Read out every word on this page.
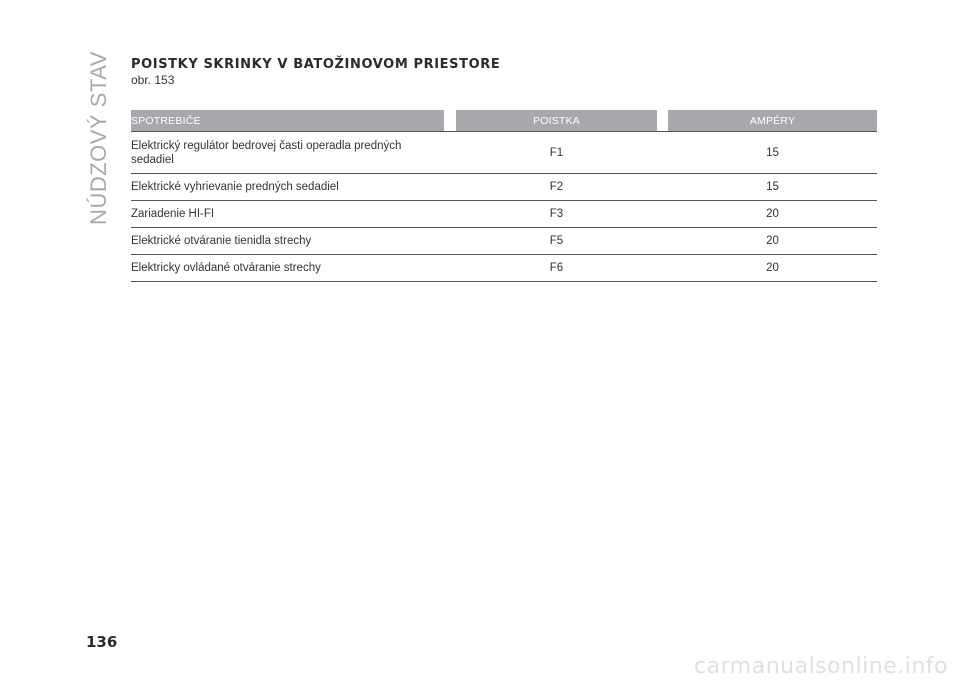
NÚDZOVÝ STAV POISTKY SKRINKY V BATOŽINOVOM PRIESTORE
obr. 153
SPOTREBIČE		POISTKA		AMPÉRY

Elektrický regulátor bedrovej časti operadla predných sedadiel		F1		15
Elektrické vyhrievanie predných sedadiel		F2		15
Zariadenie HI-FI		F3		20
Elektrické otváranie tienidla strechy		F5		20
Elektricky ovládané otváranie strechy		F6		20
136
carmanualsonline.info
